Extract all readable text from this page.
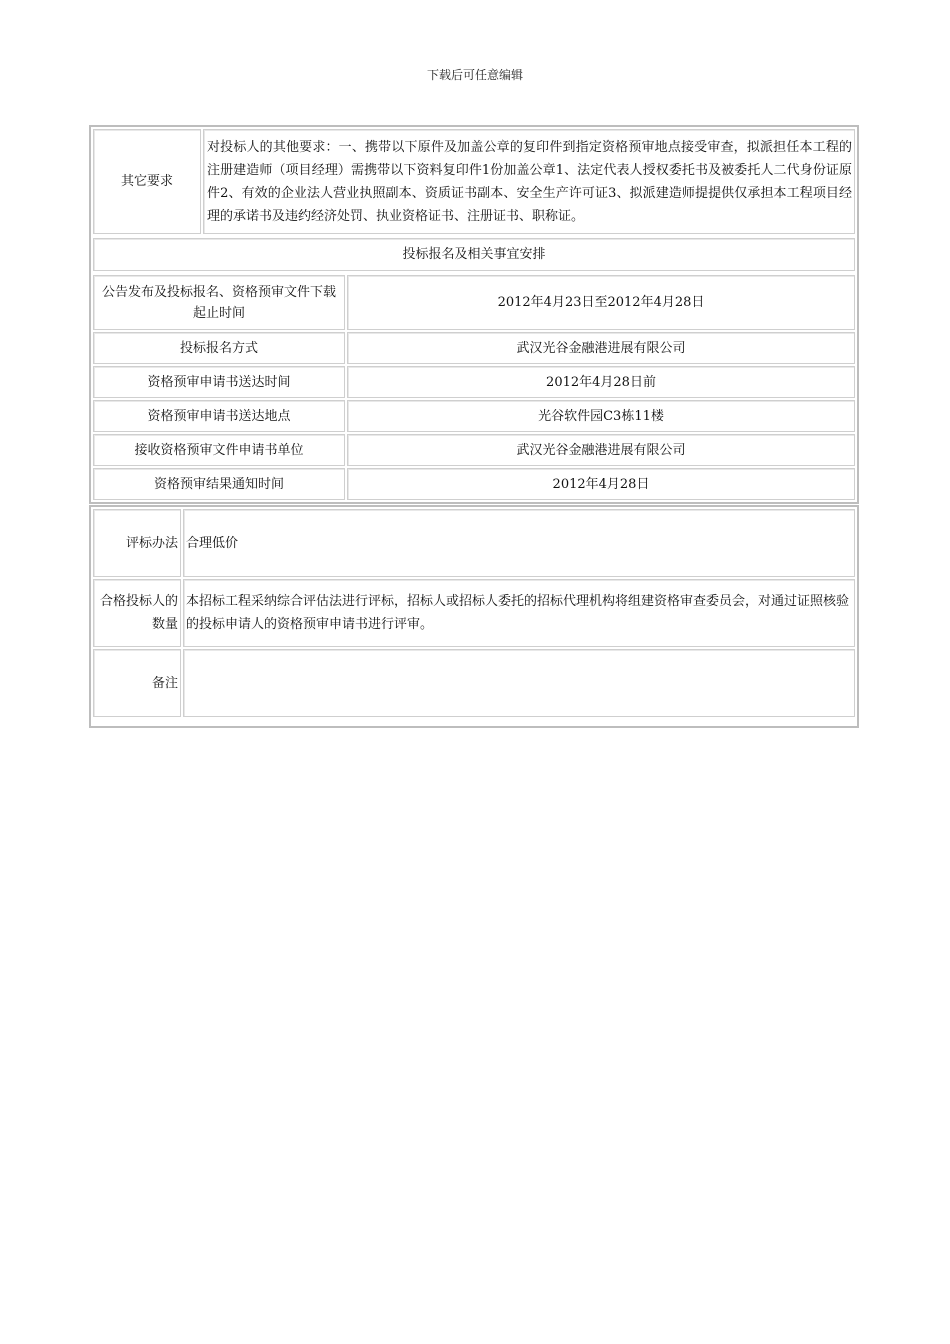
下载后可任意编辑
其它要求	对投标人的其他要求：一、携带以下原件及加盖公章的复印件到指定资格预审地点接受审查，拟派担任本工程的注册建造师（项目经理）需携带以下资料复印件1份加盖公章1、法定代表人授权委托书及被委托人二代身份证原件2、有效的企业法人营业执照副本、资质证书副本、安全生产许可证3、拟派建造师提提供仅承担本工程项目经理的承诺书及违约经济处罚、执业资格证书、注册证书、职称证。
投标报名及相关事宜安排
公告发布及投标报名、资格预审文件下载起止时间	2012年4月23日至2012年4月28日
投标报名方式	武汉光谷金融港进展有限公司
资格预审申请书送达时间	2012年4月28日前
资格预审申请书送达地点	光谷软件园C3栋11楼
接收资格预审文件申请书单位	武汉光谷金融港进展有限公司
资格预审结果通知时间	2012年4月28日
评标办法	合理低价
合格投标人的数量	本招标工程采纳综合评估法进行评标，招标人或招标人委托的招标代理机构将组建资格审查委员会，对通过证照核验的投标申请人的资格预审申请书进行评审。
备注	
